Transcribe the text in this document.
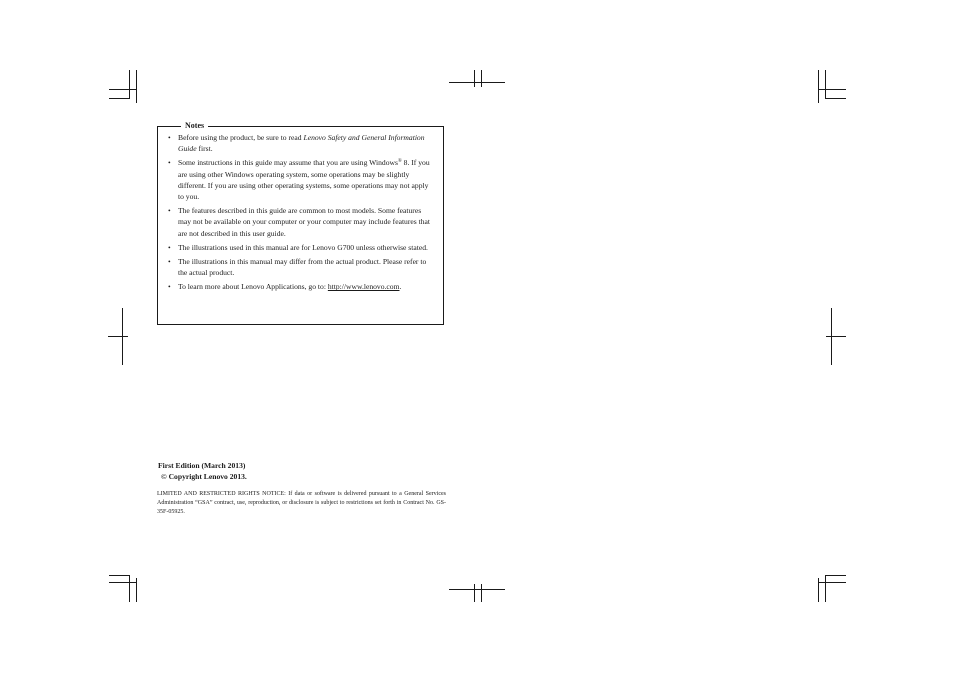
Notes
• Before using the product, be sure to read Lenovo Safety and General Information Guide first.
• Some instructions in this guide may assume that you are using Windows® 8. If you are using other Windows operating system, some operations may be slightly different. If you are using other operating systems, some operations may not apply to you.
• The features described in this guide are common to most models. Some features may not be available on your computer or your computer may include features that are not described in this user guide.
• The illustrations used in this manual are for Lenovo G700 unless otherwise stated.
• The illustrations in this manual may differ from the actual product. Please refer to the actual product.
• To learn more about Lenovo Applications, go to: http://www.lenovo.com.
First Edition (March 2013)
© Copyright Lenovo 2013.
LIMITED AND RESTRICTED RIGHTS NOTICE: If data or software is delivered pursuant to a General Services Administration “GSA” contract, use, reproduction, or disclosure is subject to restrictions set forth in Contract No. GS-35F-05925.
